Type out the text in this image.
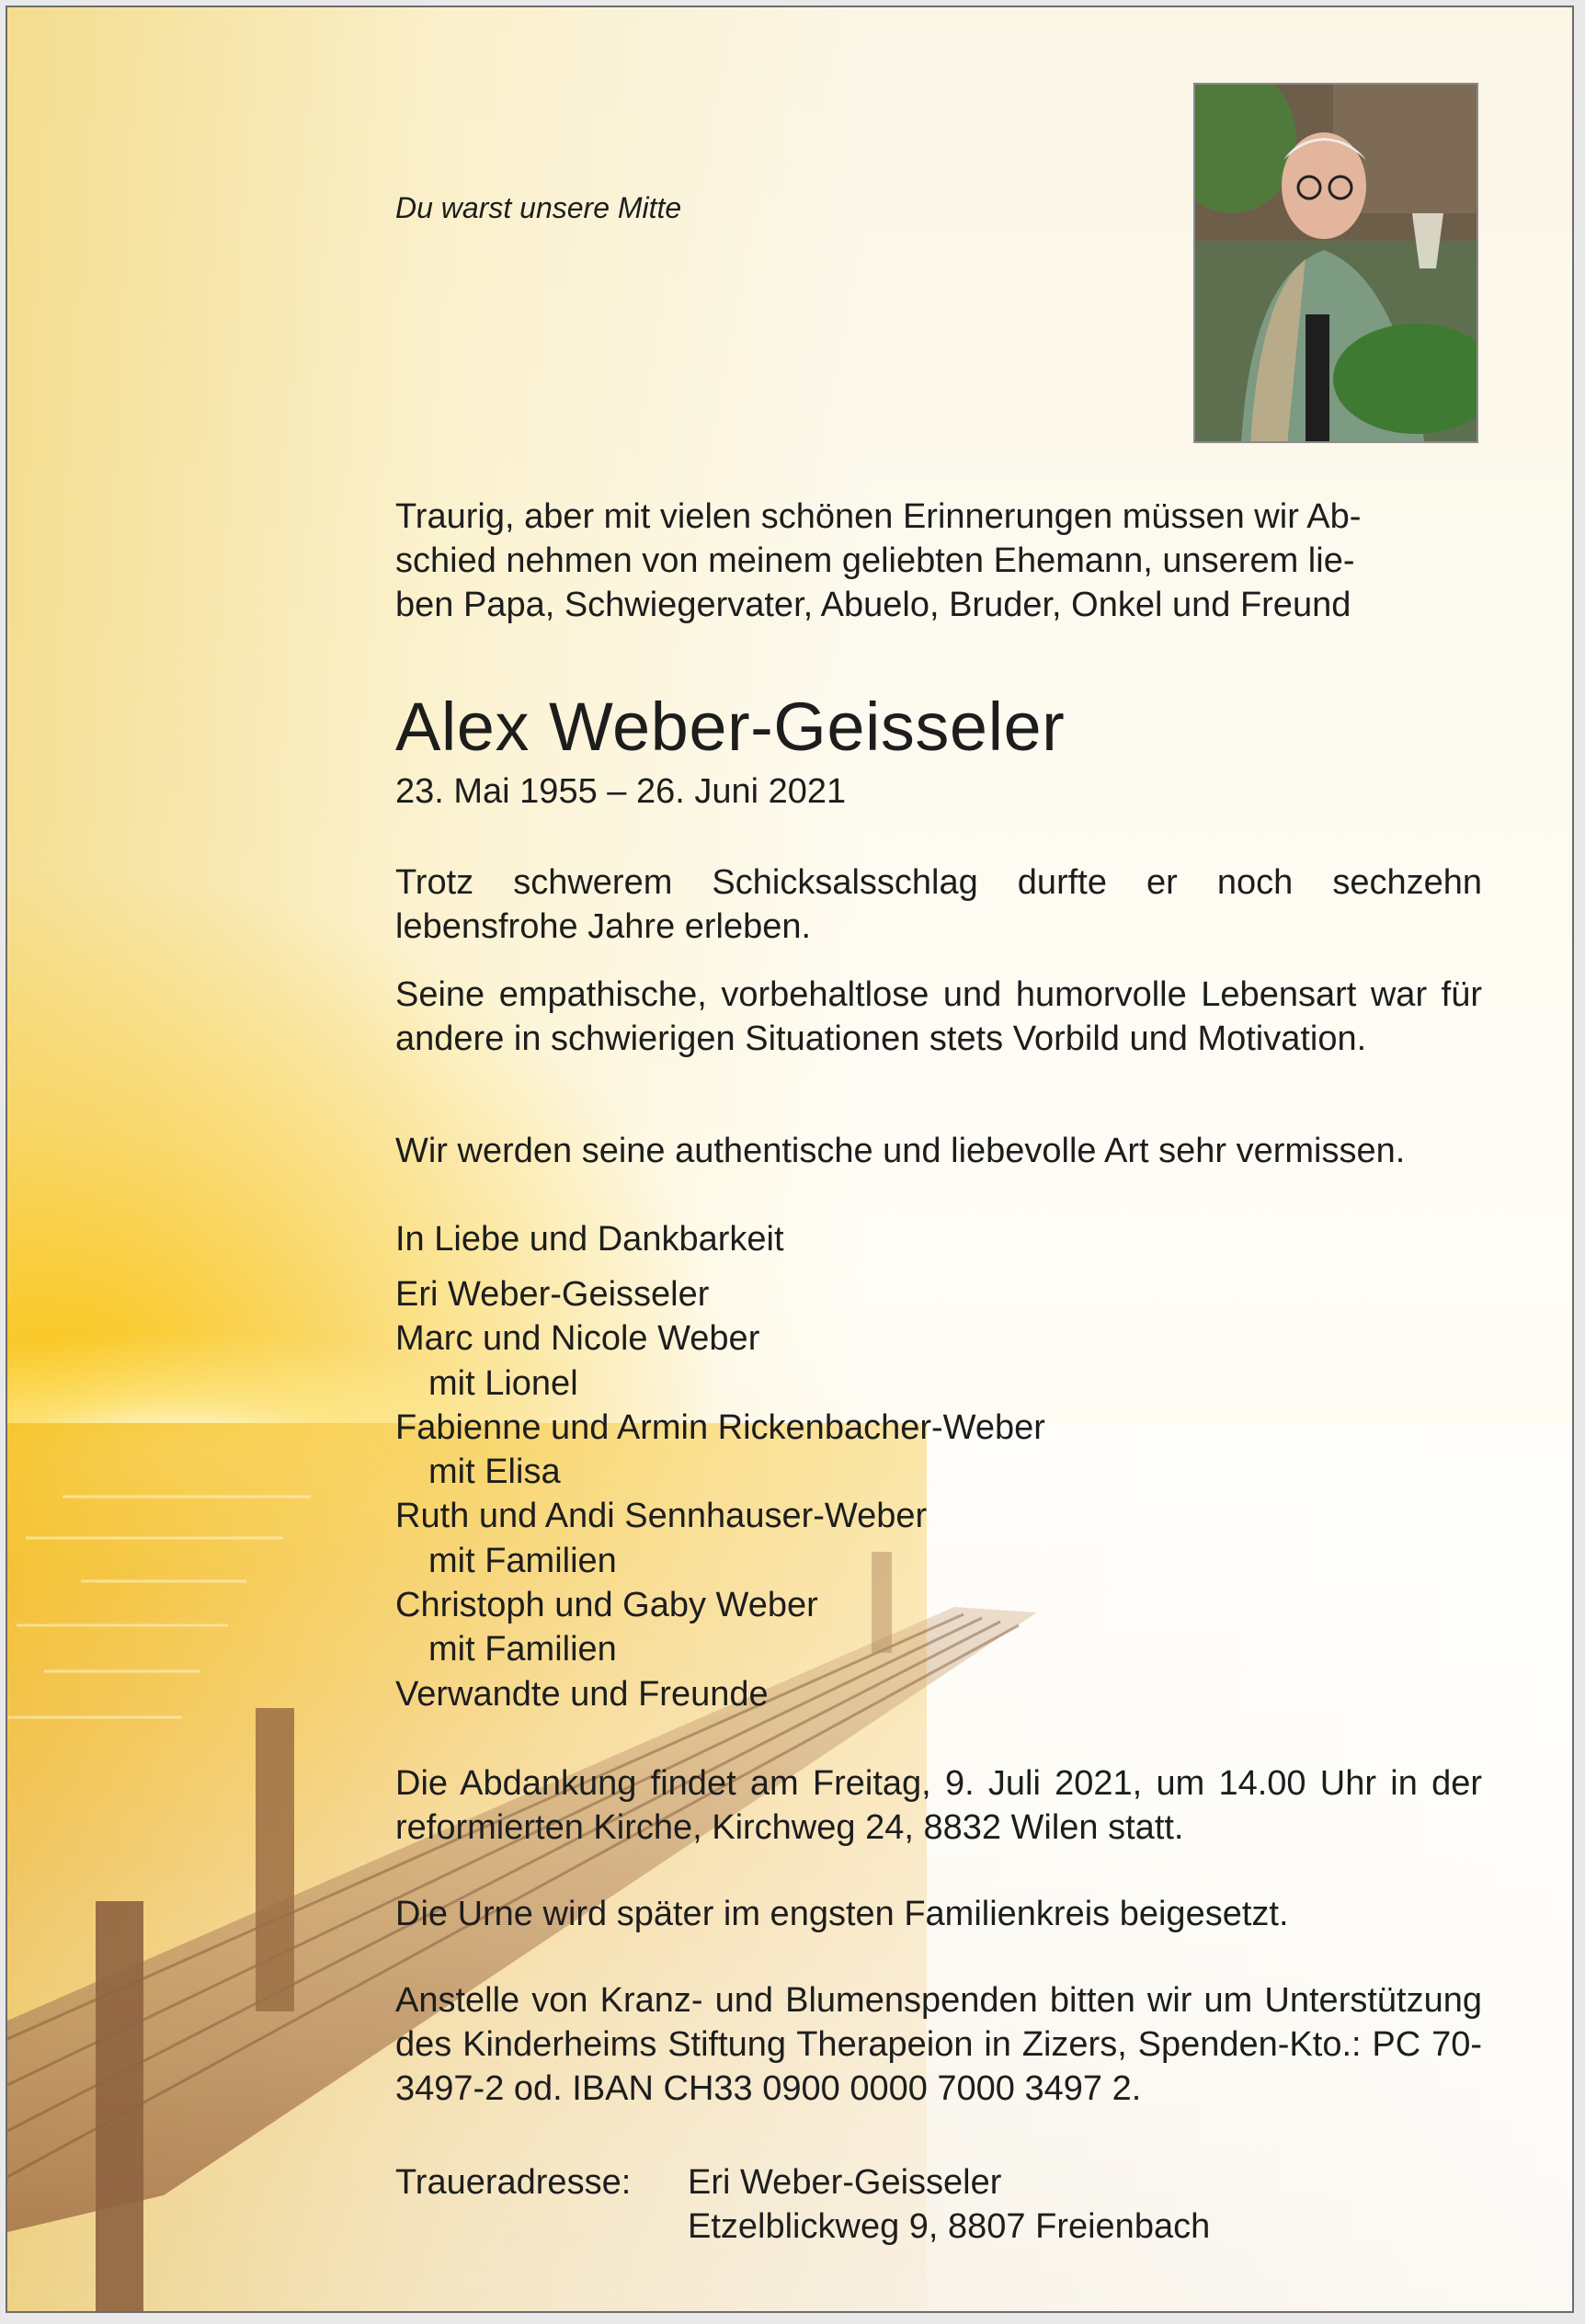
Du warst unsere Mitte
Traurig, aber mit vielen schönen Erinnerungen müssen wir Ab-
schied nehmen von meinem geliebten Ehemann, unserem lie-
ben Papa, Schwiegervater, Abuelo, Bruder, Onkel und Freund
Alex Weber-Geisseler
23. Mai 1955 – 26. Juni 2021
Trotz schwerem Schicksalsschlag durfte er noch sechzehn lebensfrohe Jahre erleben.
Seine empathische, vorbehaltlose und humorvolle Lebensart war für andere in schwierigen Situationen stets Vorbild und Motivation.
Wir werden seine authentische und liebevolle Art sehr vermissen.
In Liebe und Dankbarkeit
Eri Weber-Geisseler
Marc und Nicole Weber
mit Lionel
Fabienne und Armin Rickenbacher-Weber
mit Elisa
Ruth und Andi Sennhauser-Weber
mit Familien
Christoph und Gaby Weber
mit Familien
Verwandte und Freunde
Die Abdankung findet am Freitag, 9. Juli 2021, um 14.00 Uhr in der reformierten Kirche, Kirchweg 24, 8832 Wilen statt.
Die Urne wird später im engsten Familienkreis beigesetzt.
Anstelle von Kranz- und Blumenspenden bitten wir um Unterstützung des Kinderheims Stiftung Therapeion in Zizers, Spenden-Kto.: PC 70-3497-2 od. IBAN CH33 0900 0000 7000 3497 2.
Traueradresse:	Eri Weber-Geisseler
Etzelblickweg 9, 8807 Freienbach
